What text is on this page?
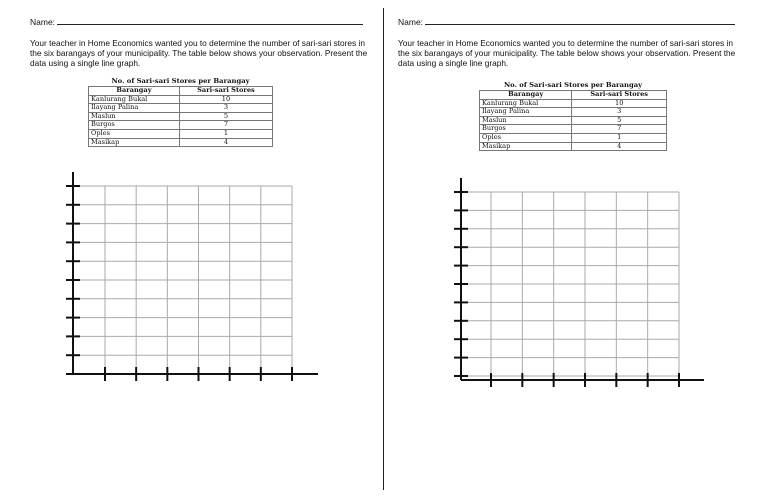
Name:

Your teacher in Home Economics wanted you to determine the number of sari-sari stores in the six barangays of your municipality. The table below shows your observation. Present the data using a single line graph.

No. of Sari-sari Stores per Barangay
Barangay	Sari-sari Stores
Kanlurang Bukal	10
Ilayang Palina	3
Maslun	5
Burgos	7
Oples	1
Masikap	4
Name:

Your teacher in Home Economics wanted you to determine the number of sari-sari stores in the six barangays of your municipality. The table below shows your observation. Present the data using a single line graph.

No. of Sari-sari Stores per Barangay
Barangay	Sari-sari Stores
Kanlurang Bukal	10
Ilayang Palina	3
Maslun	5
Burgos	7
Oples	1
Masikap	4
